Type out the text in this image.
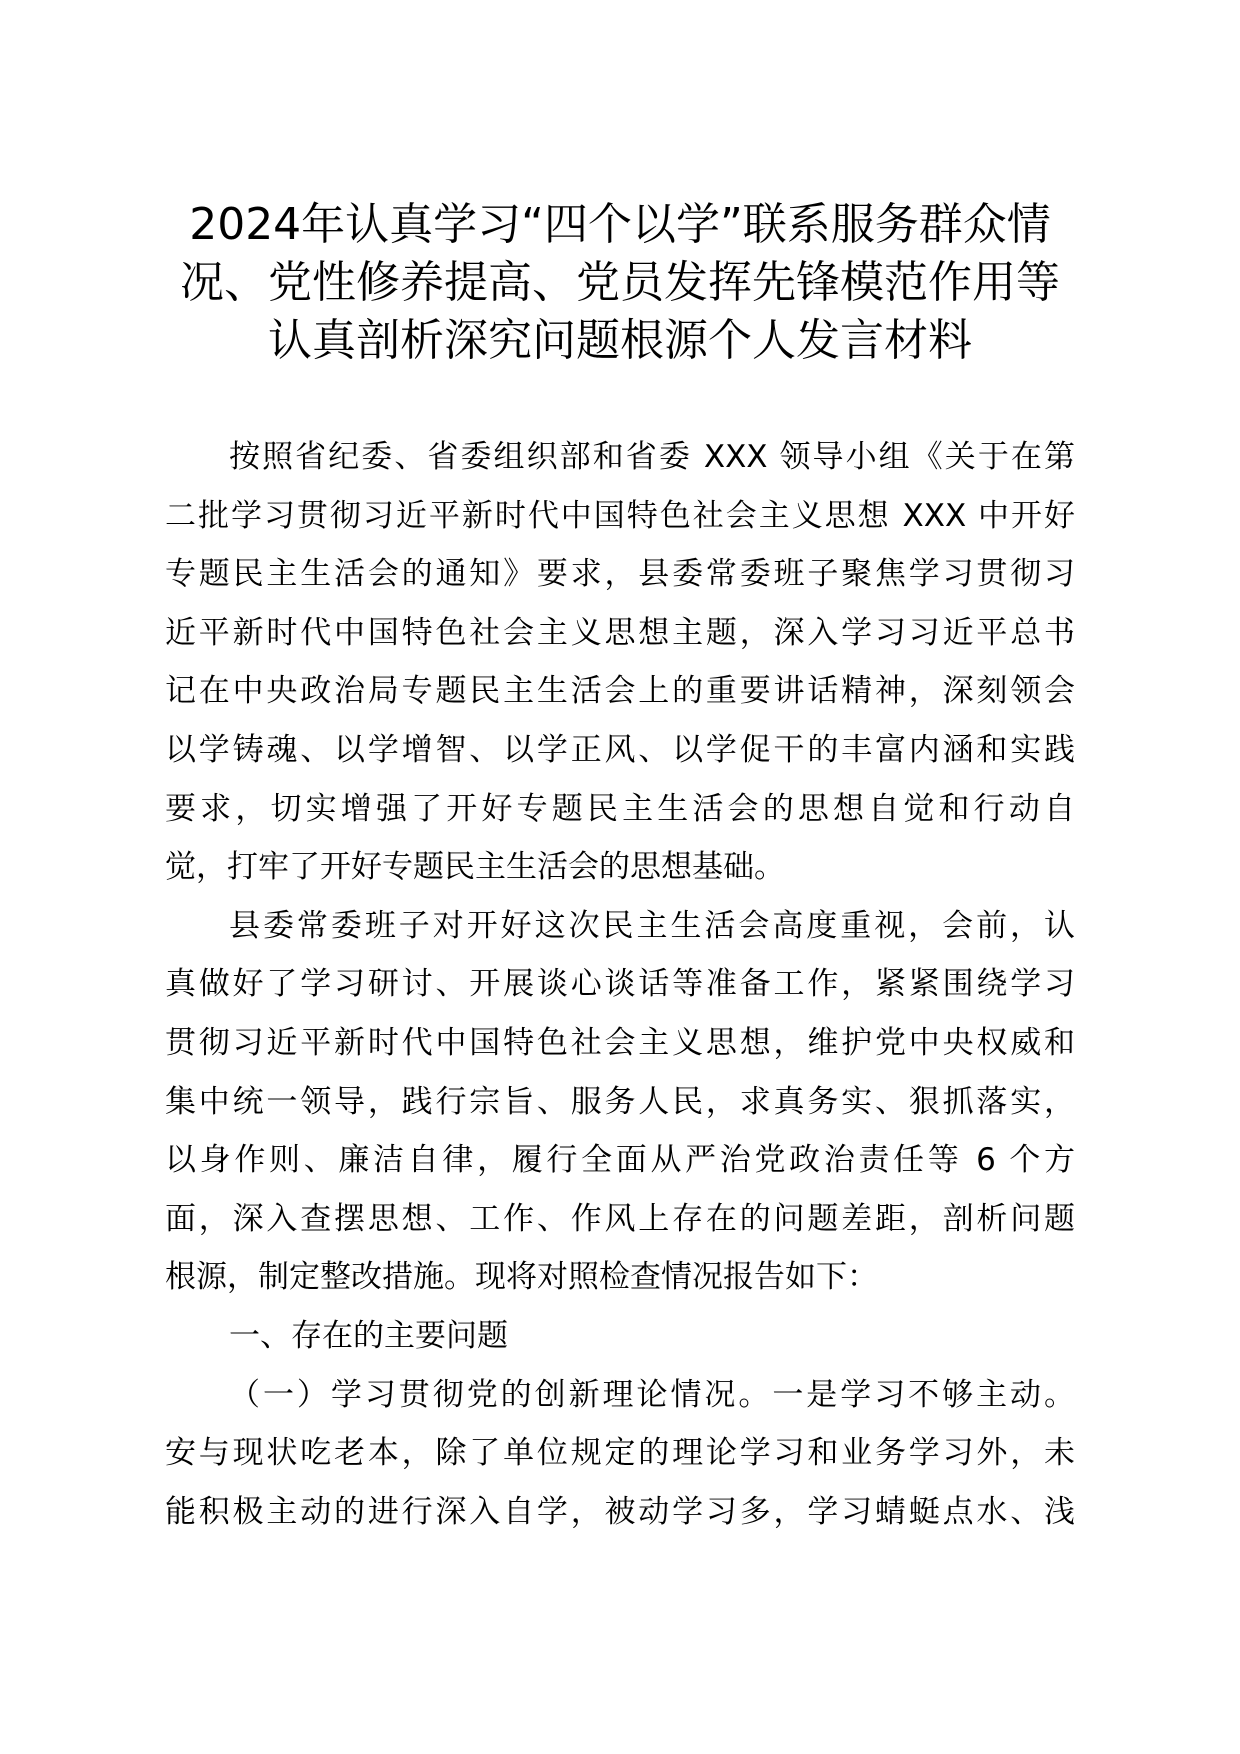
2024年认真学习“四个以学”联系服务群众情
况、党性修养提高、党员发挥先锋模范作用等
认真剖析深究问题根源个人发言材料
按照省纪委、省委组织部和省委 XXX 领导小组《关于在第
二批学习贯彻习近平新时代中国特色社会主义思想 XXX 中开好
专题民主生活会的通知》要求，县委常委班子聚焦学习贯彻习
近平新时代中国特色社会主义思想主题，深入学习习近平总书
记在中央政治局专题民主生活会上的重要讲话精神，深刻领会
以学铸魂、以学增智、以学正风、以学促干的丰富内涵和实践
要求，切实增强了开好专题民主生活会的思想自觉和行动自
觉，打牢了开好专题民主生活会的思想基础。
县委常委班子对开好这次民主生活会高度重视，会前，认
真做好了学习研讨、开展谈心谈话等准备工作，紧紧围绕学习
贯彻习近平新时代中国特色社会主义思想，维护党中央权威和
集中统一领导，践行宗旨、服务人民，求真务实、狠抓落实，
以身作则、廉洁自律，履行全面从严治党政治责任等 6 个方
面，深入查摆思想、工作、作风上存在的问题差距，剖析问题
根源，制定整改措施。现将对照检查情况报告如下：
一、存在的主要问题
（一）学习贯彻党的创新理论情况。一是学习不够主动。
安与现状吃老本，除了单位规定的理论学习和业务学习外，未
能积极主动的进行深入自学，被动学习多，学习蜻蜓点水、浅
